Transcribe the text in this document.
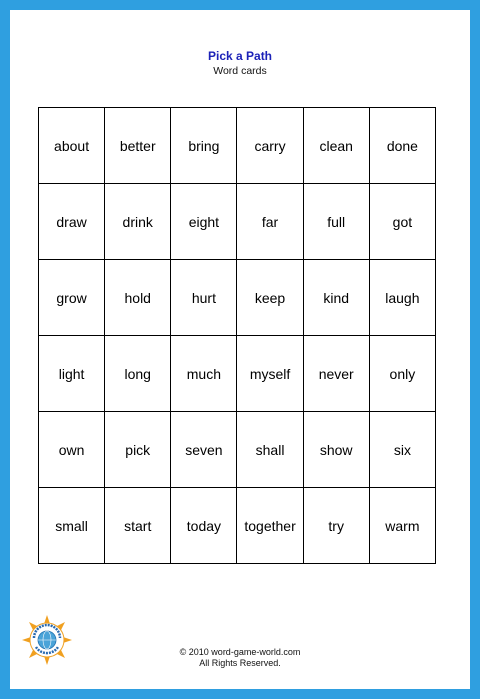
Pick a Path
Word cards
about	better	bring	carry	clean	done
draw	drink	eight	far	full	got
grow	hold	hurt	keep	kind	laugh
light	long	much	myself	never	only
own	pick	seven	shall	show	six
small	start	today	together	try	warm
© 2010 word-game-world.com
All Rights Reserved.
